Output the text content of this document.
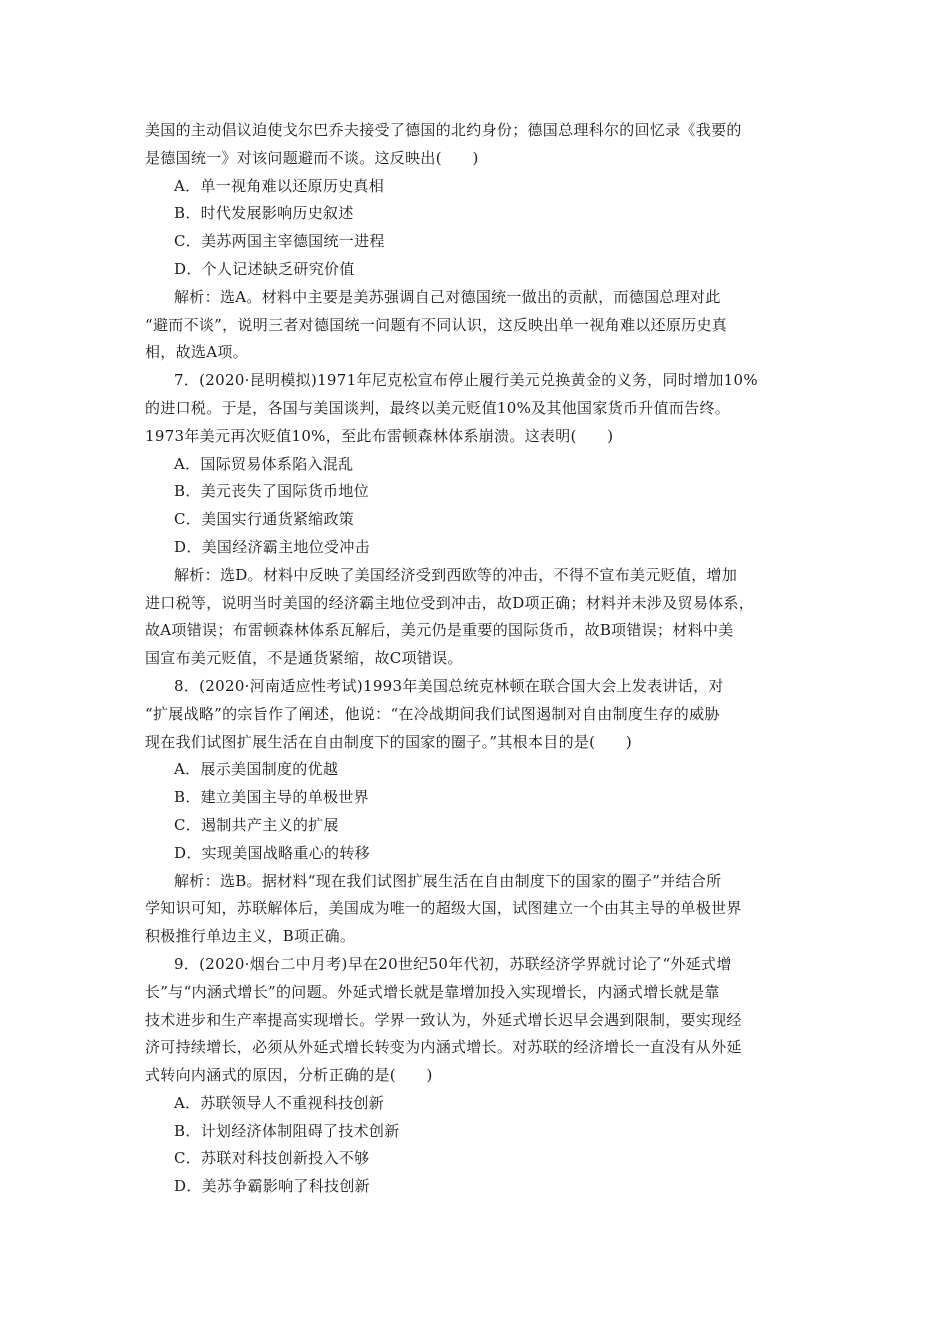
美国的主动倡议迫使戈尔巴乔夫接受了德国的北约身份；德国总理科尔的回忆录《我要的
是德国统一》对该问题避而不谈。这反映出(　　)
A．单一视角难以还原历史真相
B．时代发展影响历史叙述
C．美苏两国主宰德国统一进程
D．个人记述缺乏研究价值
解析：选A。材料中主要是美苏强调自己对德国统一做出的贡献，而德国总理对此
“避而不谈”，说明三者对德国统一问题有不同认识，这反映出单一视角难以还原历史真
相，故选A项。
7．(2020·昆明模拟)1971年尼克松宣布停止履行美元兑换黄金的义务，同时增加10%
的进口税。于是，各国与美国谈判，最终以美元贬值10%及其他国家货币升值而告终。
1973年美元再次贬值10%，至此布雷顿森林体系崩溃。这表明(　　)
A．国际贸易体系陷入混乱
B．美元丧失了国际货币地位
C．美国实行通货紧缩政策
D．美国经济霸主地位受冲击
解析：选D。材料中反映了美国经济受到西欧等的冲击，不得不宣布美元贬值，增加
进口税等，说明当时美国的经济霸主地位受到冲击，故D项正确；材料并未涉及贸易体系，
故A项错误；布雷顿森林体系瓦解后，美元仍是重要的国际货币，故B项错误；材料中美
国宣布美元贬值，不是通货紧缩，故C项错误。
8．(2020·河南适应性考试)1993年美国总统克林顿在联合国大会上发表讲话，对
“扩展战略”的宗旨作了阐述，他说：“在冷战期间我们试图遏制对自由制度生存的威胁
现在我们试图扩展生活在自由制度下的国家的圈子。”其根本目的是(　　)
A．展示美国制度的优越
B．建立美国主导的单极世界
C．遏制共产主义的扩展
D．实现美国战略重心的转移
解析：选B。据材料“现在我们试图扩展生活在自由制度下的国家的圈子”并结合所
学知识可知，苏联解体后，美国成为唯一的超级大国，试图建立一个由其主导的单极世界
积极推行单边主义，B项正确。
9．(2020·烟台二中月考)早在20世纪50年代初，苏联经济学界就讨论了“外延式增
长”与“内涵式增长”的问题。外延式增长就是靠增加投入实现增长，内涵式增长就是靠
技术进步和生产率提高实现增长。学界一致认为，外延式增长迟早会遇到限制，要实现经
济可持续增长，必须从外延式增长转变为内涵式增长。对苏联的经济增长一直没有从外延
式转向内涵式的原因，分析正确的是(　　)
A．苏联领导人不重视科技创新
B．计划经济体制阻碍了技术创新
C．苏联对科技创新投入不够
D．美苏争霸影响了科技创新
